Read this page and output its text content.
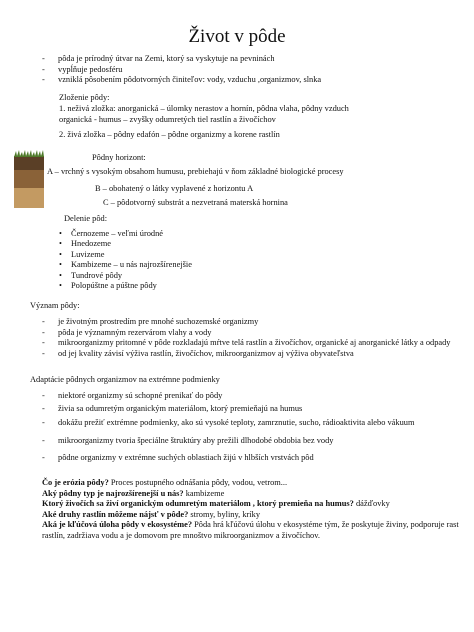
Život v pôde
- pôda je prírodný útvar na Zemi, ktorý sa vyskytuje na pevninách
- vypĺňuje pedosféru
- vzniklá pôsobením pôdotvorných činiteľov: vody, vzduchu ,organizmov, slnka
Zloženie pôdy:
1. neživá zložka: anorganická – úlomky nerastov a hornín, pôdna vlaha, pôdny vzduch
organická - humus – zvyšky odumretých tiel rastlín a živočíchov
2. živá zložka – pôdny edafón – pôdne organizmy a korene rastlín
Pôdny horizont:
A – vrchný s vysokým obsahom humusu, prebiehajú v ňom základné biologické procesy
B – obohatený o látky vyplavené z horizontu A
C – pôdotvorný substrát a nezvetraná materská hornina
Delenie pôd:
• Černozeme – veľmi úrodné
• Hnedozeme
• Luvizeme
• Kambizeme – u nás najrozšírenejšie
• Tundrové pôdy
• Polopúštne a púštne pôdy
Význam pôdy:
- je životným prostredím pre mnohé suchozemské organizmy
- pôda je významným rezervárom vlahy a vody
- mikroorganizmy pritomné v pôde rozkladajú mŕtve telá rastlín a živočíchov, organické aj anorganické látky a odpady
- od jej kvality závisí výživa rastlín, živočíchov, mikroorganizmov aj výživa obyvateľstva
Adaptácie pôdnych organizmov na extrémne podmienky
- niektoré organizmy sú schopné prenikať do pôdy
- živia sa odumretým organickým materiálom, ktorý premieňajú na humus
- dokážu prežiť extrémne podmienky, ako sú vysoké teploty, zamrznutie, sucho, rádioaktivita alebo vákuum
- mikroorganizmy tvoria špeciálne štruktúry aby prežili dlhodobé obdobia bez vody
- pôdne organizmy v extrémne suchých oblastiach žijú v hlbších vrstvách pôd

Čo je erózia pôdy? Proces postupného odnášania pôdy, vodou, vetrom...

Aký pôdny typ je najrozšírenejší u nás? kambizeme

Ktorý živočích sa živí organickým odumretým materiálom , ktorý premieňa na humus? dážďovky

Aké druhy rastlín môžeme nájsť v pôde? stromy, byliny, kríky

Aká je kľúčová úloha pôdy v ekosystéme? Pôda hrá kľúčovú úlohu v ekosystéme tým, že poskytuje živiny, podporuje rast rastlín, zadržiava vodu a je domovom pre mnoštvo mikroorganizmov a živočíchov.
